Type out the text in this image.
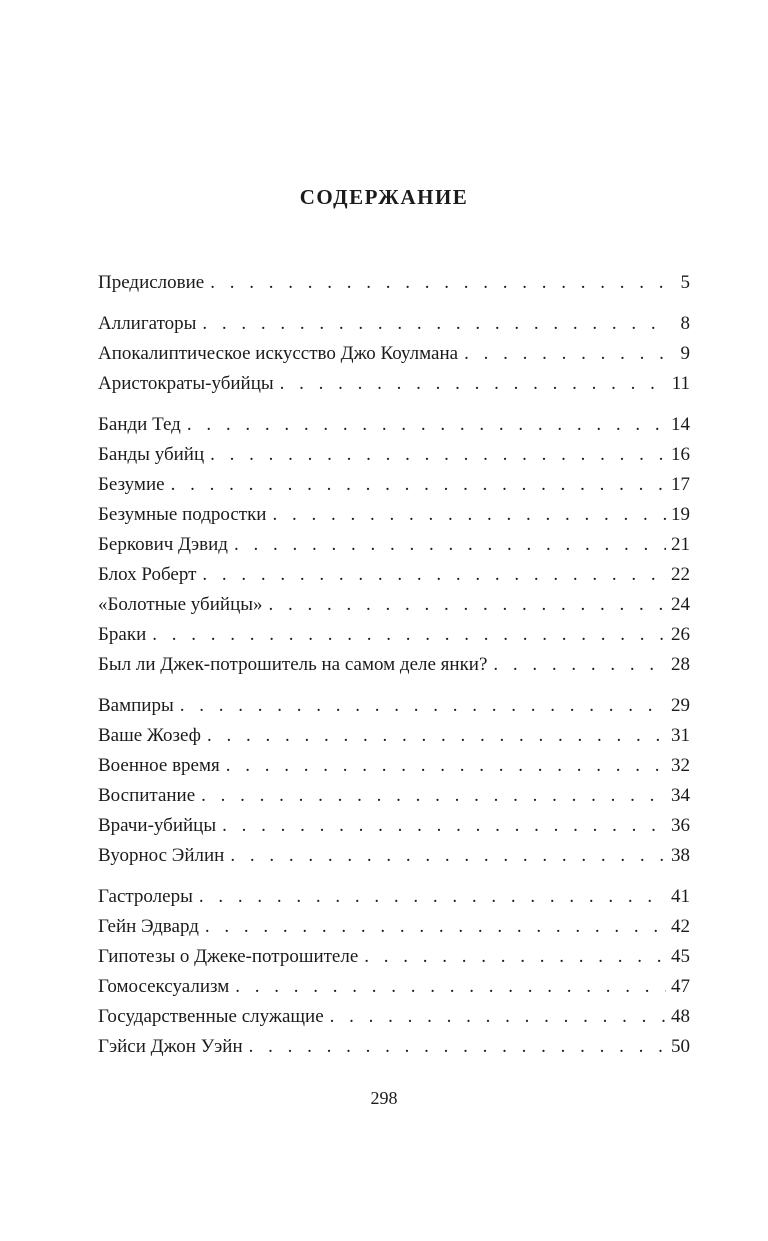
СОДЕРЖАНИЕ
Предисловие . . .	5
Аллигаторы . . .	8
Апокалиптическое искусство Джо Коулмана . . .	9
Аристократы-убийцы . . .	11
Банди Тед . . .	14
Банды убийц . . .	16
Безумие . . .	17
Безумные подростки . . .	19
Беркович Дэвид . . .	21
Блох Роберт . . .	22
«Болотные убийцы» . . .	24
Браки . . .	26
Был ли Джек-потрошитель на самом деле янки? . . .	28
Вампиры . . .	29
Ваше Жозеф . . .	31
Военное время . . .	32
Воспитание . . .	34
Врачи-убийцы . . .	36
Вуорнос Эйлин . . .	38
Гастролеры . . .	41
Гейн Эдвард . . .	42
Гипотезы о Джеке-потрошителе . . .	45
Гомосексуализм . . .	47
Государственные служащие . . .	48
Гэйси Джон Уэйн . . .	50
298
